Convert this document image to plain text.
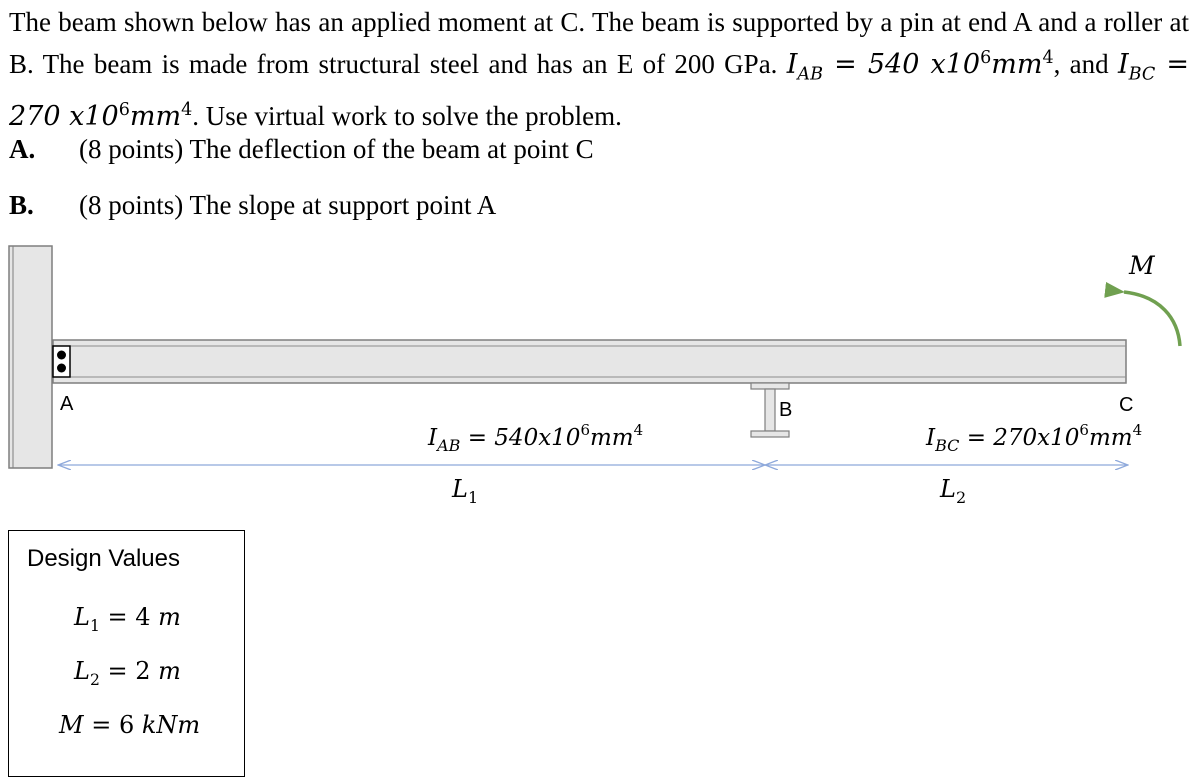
The beam shown below has an applied moment at C. The beam is supported by a pin at end A and a roller at B. The beam is made from structural steel and has an E of 200 GPa. $I_{AB} = 540$ $x10^6mm^4$, and $I_{BC} = 270$ $x10^6mm^4$. Use virtual work to solve the problem.

A. (8 points) The deflection of the beam at point C
B. (8 points) The slope at support point A
A	B	C
M
$I_{AB} = 540x10^6mm^4$	$I_{BC} = 270x10^6mm^4$
$L_1$	$L_2$
Design Values
$L_1 = 4$ m
$L_2 = 2$ m
M = 6 kNm
